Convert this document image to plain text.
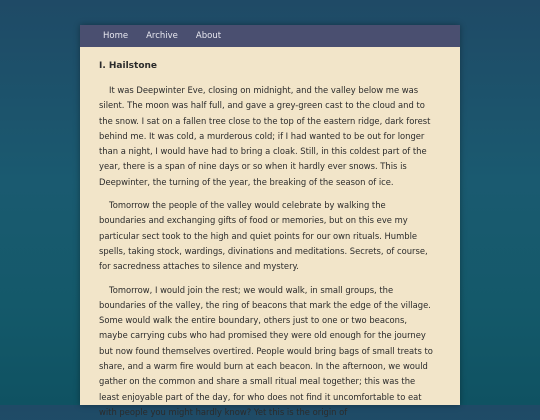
Home Archive About
I. Hailstone

It was Deepwinter Eve, closing on midnight, and the valley below me was silent. The moon was half full, and gave a grey-green cast to the cloud and to the snow. I sat on a fallen tree close to the top of the eastern ridge, dark forest behind me. It was cold, a murderous cold; if I had wanted to be out for longer than a night, I would have had to bring a cloak. Still, in this coldest part of the year, there is a span of nine days or so when it hardly ever snows. This is Deepwinter, the turning of the year, the breaking of the season of ice.

Tomorrow the people of the valley would celebrate by walking the boundaries and exchanging gifts of food or memories, but on this eve my particular sect took to the high and quiet points for our own rituals. Humble spells, taking stock, wardings, divinations and meditations. Secrets, of course, for sacredness attaches to silence and mystery.

Tomorrow, I would join the rest; we would walk, in small groups, the boundaries of the valley, the ring of beacons that mark the edge of the village. Some would walk the entire boundary, others just to one or two beacons, maybe carrying cubs who had promised they were old enough for the journey but now found themselves overtired. People would bring bags of small treats to share, and a warm fire would burn at each beacon. In the afternoon, we would gather on the common and share a small ritual meal together; this was the least enjoyable part of the day, for who does not find it uncomfortable to eat with people you might hardly know? Yet this is the origin of
